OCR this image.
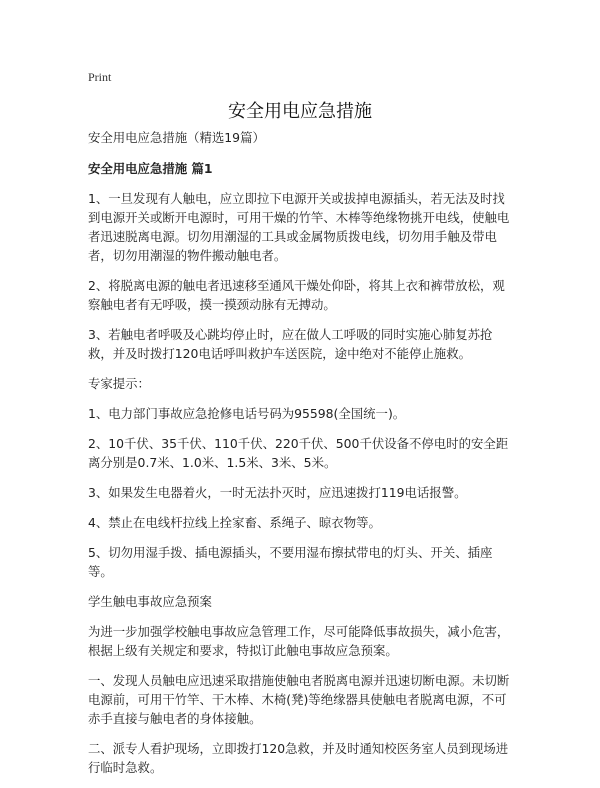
Print
安全用电应急措施

安全用电应急措施（精选19篇）

安全用电应急措施 篇1

1、一旦发现有人触电，应立即拉下电源开关或拔掉电源插头，若无法及时找到电源开关或断开电源时，可用干燥的竹竿、木棒等绝缘物挑开电线，使触电者迅速脱离电源。切勿用潮湿的工具或金属物质拨电线，切勿用手触及带电者，切勿用潮湿的物件搬动触电者。

2、将脱离电源的触电者迅速移至通风干燥处仰卧，将其上衣和裤带放松，观察触电者有无呼吸，摸一摸颈动脉有无搏动。

3、若触电者呼吸及心跳均停止时，应在做人工呼吸的同时实施心肺复苏抢救，并及时拨打120电话呼叫救护车送医院，途中绝对不能停止施救。

专家提示：

1、电力部门事故应急抢修电话号码为95598(全国统一)。

2、10千伏、35千伏、110千伏、220千伏、500千伏设备不停电时的安全距离分别是0.7米、1.0米、1.5米、3米、5米。

3、如果发生电器着火，一时无法扑灭时，应迅速拨打119电话报警。

4、禁止在电线杆拉线上拴家畜、系绳子、晾衣物等。

5、切勿用湿手拨、插电源插头，不要用湿布擦拭带电的灯头、开关、插座等。

学生触电事故应急预案

为进一步加强学校触电事故应急管理工作，尽可能降低事故损失，减小危害，根据上级有关规定和要求，特拟订此触电事故应急预案。

一、发现人员触电应迅速采取措施使触电者脱离电源并迅速切断电源。未切断电源前，可用干竹竿、干木棒、木椅(凳)等绝缘器具使触电者脱离电源，不可赤手直接与触电者的身体接触。

二、派专人看护现场，立即拨打120急救，并及时通知校医务室人员到现场进行临时急救。
